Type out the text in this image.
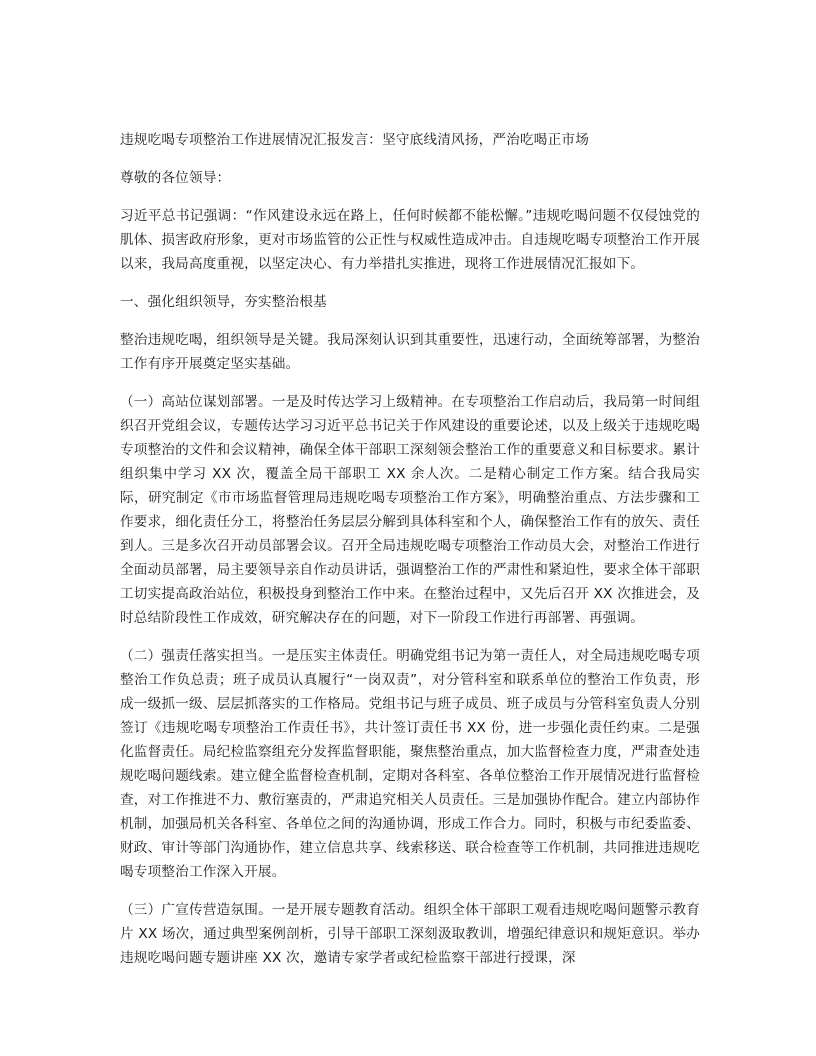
违规吃喝专项整治工作进展情况汇报发言：坚守底线清风扬，严治吃喝正市场

尊敬的各位领导：

习近平总书记强调：“作风建设永远在路上，任何时候都不能松懈。”违规吃喝问题不仅侵蚀党的肌体、损害政府形象，更对市场监管的公正性与权威性造成冲击。自违规吃喝专项整治工作开展以来，我局高度重视，以坚定决心、有力举措扎实推进，现将工作进展情况汇报如下。

一、强化组织领导，夯实整治根基

整治违规吃喝，组织领导是关键。我局深刻认识到其重要性，迅速行动，全面统筹部署，为整治工作有序开展奠定坚实基础。

（一）高站位谋划部署。一是及时传达学习上级精神。在专项整治工作启动后，我局第一时间组织召开党组会议，专题传达学习习近平总书记关于作风建设的重要论述，以及上级关于违规吃喝专项整治的文件和会议精神，确保全体干部职工深刻领会整治工作的重要意义和目标要求。累计组织集中学习 XX 次，覆盖全局干部职工 XX 余人次。二是精心制定工作方案。结合我局实际，研究制定《市市场监督管理局违规吃喝专项整治工作方案》，明确整治重点、方法步骤和工作要求，细化责任分工，将整治任务层层分解到具体科室和个人，确保整治工作有的放矢、责任到人。三是多次召开动员部署会议。召开全局违规吃喝专项整治工作动员大会，对整治工作进行全面动员部署，局主要领导亲自作动员讲话，强调整治工作的严肃性和紧迫性，要求全体干部职工切实提高政治站位，积极投身到整治工作中来。在整治过程中，又先后召开 XX 次推进会，及时总结阶段性工作成效，研究解决存在的问题，对下一阶段工作进行再部署、再强调。

（二）强责任落实担当。一是压实主体责任。明确党组书记为第一责任人，对全局违规吃喝专项整治工作负总责；班子成员认真履行“一岗双责”，对分管科室和联系单位的整治工作负责，形成一级抓一级、层层抓落实的工作格局。党组书记与班子成员、班子成员与分管科室负责人分别签订《违规吃喝专项整治工作责任书》，共计签订责任书 XX 份，进一步强化责任约束。二是强化监督责任。局纪检监察组充分发挥监督职能，聚焦整治重点，加大监督检查力度，严肃查处违规吃喝问题线索。建立健全监督检查机制，定期对各科室、各单位整治工作开展情况进行监督检查，对工作推进不力、敷衍塞责的，严肃追究相关人员责任。三是加强协作配合。建立内部协作机制，加强局机关各科室、各单位之间的沟通协调，形成工作合力。同时，积极与市纪委监委、财政、审计等部门沟通协作，建立信息共享、线索移送、联合检查等工作机制，共同推进违规吃喝专项整治工作深入开展。

（三）广宣传营造氛围。一是开展专题教育活动。组织全体干部职工观看违规吃喝问题警示教育片 XX 场次，通过典型案例剖析，引导干部职工深刻汲取教训，增强纪律意识和规矩意识。举办违规吃喝问题专题讲座 XX 次，邀请专家学者或纪检监察干部进行授课，深
